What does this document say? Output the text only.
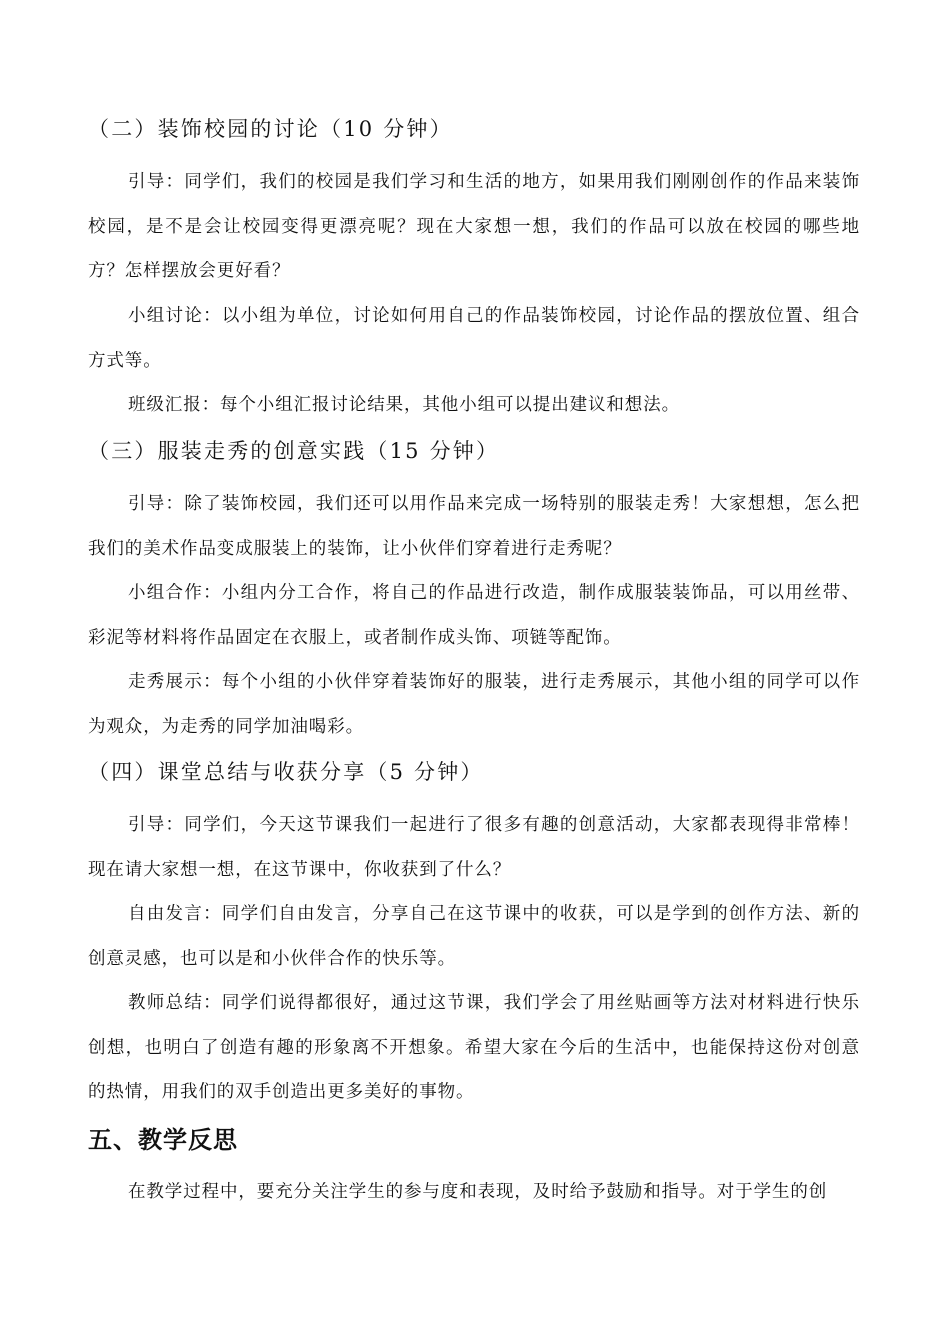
（二）装饰校园的讨论（10 分钟）

引导：同学们，我们的校园是我们学习和生活的地方，如果用我们刚刚创作的作品来装饰校园，是不是会让校园变得更漂亮呢？现在大家想一想，我们的作品可以放在校园的哪些地方？怎样摆放会更好看？

小组讨论：以小组为单位，讨论如何用自己的作品装饰校园，讨论作品的摆放位置、组合方式等。

班级汇报：每个小组汇报讨论结果，其他小组可以提出建议和想法。

（三）服装走秀的创意实践（15 分钟）

引导：除了装饰校园，我们还可以用作品来完成一场特别的服装走秀！大家想想，怎么把我们的美术作品变成服装上的装饰，让小伙伴们穿着进行走秀呢？

小组合作：小组内分工合作，将自己的作品进行改造，制作成服装装饰品，可以用丝带、彩泥等材料将作品固定在衣服上，或者制作成头饰、项链等配饰。

走秀展示：每个小组的小伙伴穿着装饰好的服装，进行走秀展示，其他小组的同学可以作为观众，为走秀的同学加油喝彩。

（四）课堂总结与收获分享（5 分钟）

引导：同学们，今天这节课我们一起进行了很多有趣的创意活动，大家都表现得非常棒！现在请大家想一想，在这节课中，你收获到了什么？

自由发言：同学们自由发言，分享自己在这节课中的收获，可以是学到的创作方法、新的创意灵感，也可以是和小伙伴合作的快乐等。

教师总结：同学们说得都很好，通过这节课，我们学会了用丝贴画等方法对材料进行快乐创想，也明白了创造有趣的形象离不开想象。希望大家在今后的生活中，也能保持这份对创意的热情，用我们的双手创造出更多美好的事物。

五、教学反思

在教学过程中，要充分关注学生的参与度和表现，及时给予鼓励和指导。对于学生的创
